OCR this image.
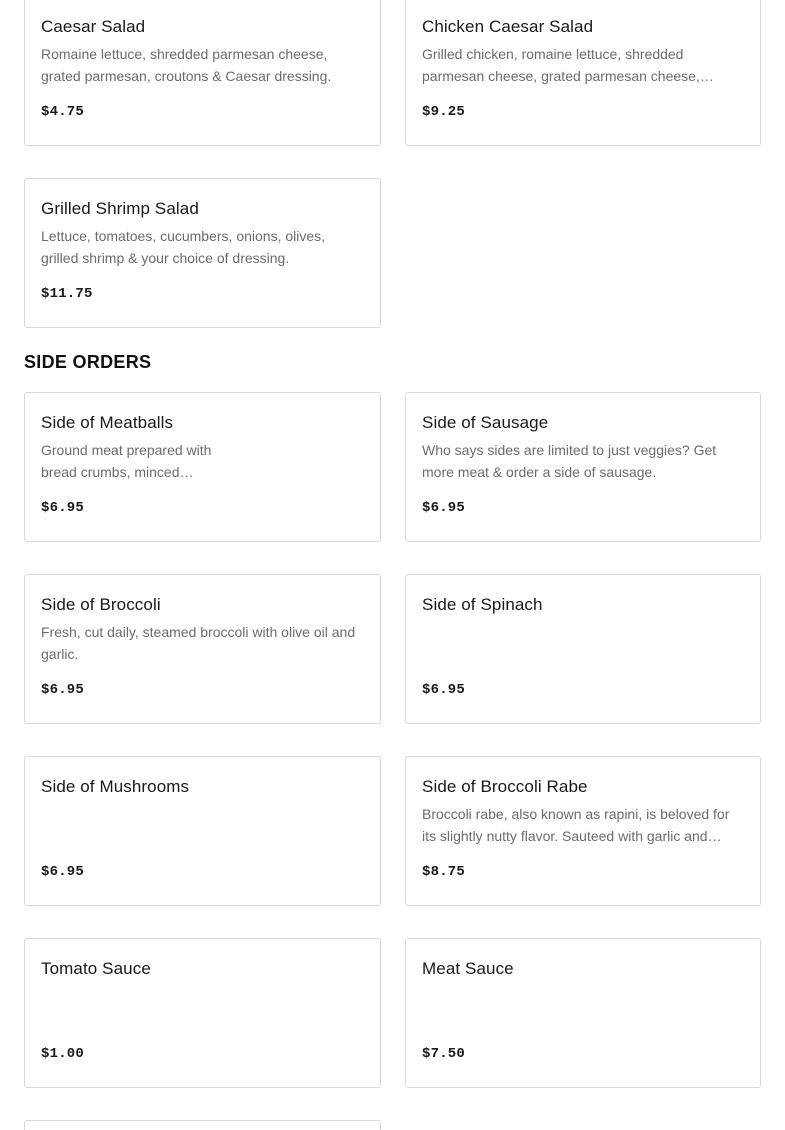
Caesar Salad
Romaine lettuce, shredded parmesan cheese, grated parmesan, croutons & Caesar dressing.
$4.75
Chicken Caesar Salad
Grilled chicken, romaine lettuce, shredded parmesan cheese, grated parmesan cheese,…
$9.25
Grilled Shrimp Salad
Lettuce, tomatoes, cucumbers, onions, olives, grilled shrimp & your choice of dressing.
$11.75
SIDE ORDERS
Side of Meatballs
Ground meat prepared with bread crumbs, minced…
$6.95
Side of Sausage
Who says sides are limited to just veggies? Get more meat & order a side of sausage.
$6.95
Side of Broccoli
Fresh, cut daily, steamed broccoli with olive oil and garlic.
$6.95
Side of Spinach
$6.95
Side of Mushrooms
$6.95
Side of Broccoli Rabe
Broccoli rabe, also known as rapini, is beloved for its slightly nutty flavor. Sauteed with garlic and…
$8.75
Tomato Sauce
$1.00
Meat Sauce
$7.50
